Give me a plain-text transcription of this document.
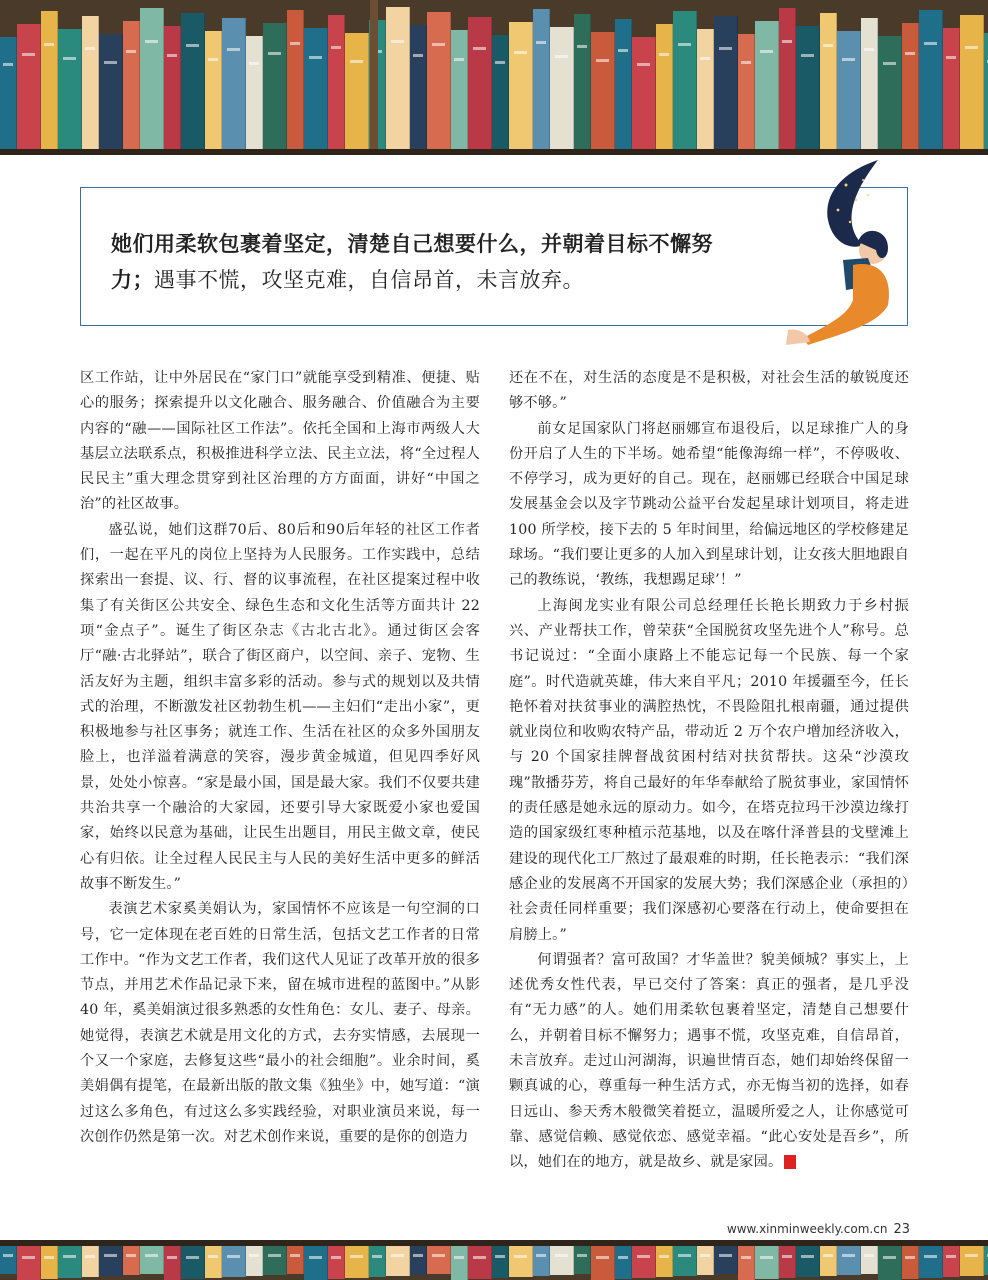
她们用柔软包裹着坚定，清楚自己想要什么，并朝着目标不懈努力；遇事不慌，攻坚克难，自信昂首，未言放弃。

区工作站，让中外居民在“家门口”就能享受到精准、便捷、贴心的服务；探索提升以文化融合、服务融合、价值融合为主要内容的“融——国际社区工作法”。依托全国和上海市两级人大基层立法联系点，积极推进科学立法、民主立法，将“全过程人民民主”重大理念贯穿到社区治理的方方面面，讲好“中国之治”的社区故事。

盛弘说，她们这群70后、80后和90后年轻的社区工作者们，一起在平凡的岗位上坚持为人民服务。工作实践中，总结探索出一套提、议、行、督的议事流程，在社区提案过程中收集了有关街区公共安全、绿色生态和文化生活等方面共计 22 项“金点子”。诞生了街区杂志《古北古北》。通过街区会客厅“融·古北驿站”，联合了街区商户，以空间、亲子、宠物、生活友好为主题，组织丰富多彩的活动。参与式的规划以及共情式的治理，不断激发社区勃勃生机——主妇们“走出小家”，更积极地参与社区事务；就连工作、生活在社区的众多外国朋友脸上，也洋溢着满意的笑容，漫步黄金城道，但见四季好风景，处处小惊喜。“家是最小国，国是最大家。我们不仅要共建共治共享一个融洽的大家园，还要引导大家既爱小家也爱国家，始终以民意为基础，让民生出题目，用民主做文章，使民心有归依。让全过程人民民主与人民的美好生活中更多的鲜活故事不断发生。”

表演艺术家奚美娟认为，家国情怀不应该是一句空洞的口号，它一定体现在老百姓的日常生活，包括文艺工作者的日常工作中。“作为文艺工作者，我们这代人见证了改革开放的很多节点，并用艺术作品记录下来，留在城市进程的蓝图中。”从影 40 年，奚美娟演过很多熟悉的女性角色：女儿、妻子、母亲。她觉得，表演艺术就是用文化的方式，去夯实情感，去展现一个又一个家庭，去修复这些“最小的社会细胞”。业余时间，奚美娟偶有提笔，在最新出版的散文集《独坐》中，她写道：“演过这么多角色，有过这么多实践经验，对职业演员来说，每一次创作仍然是第一次。对艺术创作来说，重要的是你的创造力

还在不在，对生活的态度是不是积极，对社会生活的敏锐度还够不够。”

前女足国家队门将赵丽娜宣布退役后，以足球推广人的身份开启了人生的下半场。她希望“能像海绵一样”，不停吸收、不停学习，成为更好的自己。现在，赵丽娜已经联合中国足球发展基金会以及字节跳动公益平台发起星球计划项目，将走进 100 所学校，接下去的 5 年时间里，给偏远地区的学校修建足球场。“我们要让更多的人加入到星球计划，让女孩大胆地跟自己的教练说，‘教练，我想踢足球’！”

上海闽龙实业有限公司总经理任长艳长期致力于乡村振兴、产业帮扶工作，曾荣获“全国脱贫攻坚先进个人”称号。总书记说过：“全面小康路上不能忘记每一个民族、每一个家庭”。时代造就英雄，伟大来自平凡；2010 年援疆至今，任长艳怀着对扶贫事业的满腔热忱，不畏险阻扎根南疆，通过提供就业岗位和收购农特产品，带动近 2 万个农户增加经济收入，与 20 个国家挂牌督战贫困村结对扶贫帮扶。这朵“沙漠玫瑰”散播芬芳，将自己最好的年华奉献给了脱贫事业，家国情怀的责任感是她永远的原动力。如今，在塔克拉玛干沙漠边缘打造的国家级红枣种植示范基地，以及在喀什泽普县的戈壁滩上建设的现代化工厂熬过了最艰难的时期，任长艳表示：“我们深感企业的发展离不开国家的发展大势；我们深感企业（承担的）社会责任同样重要；我们深感初心要落在行动上，使命要担在肩膀上。”

何谓强者？富可敌国？才华盖世？貌美倾城？事实上，上述优秀女性代表，早已交付了答案：真正的强者，是几乎没有“无力感”的人。她们用柔软包裹着坚定，清楚自己想要什么，并朝着目标不懈努力；遇事不慌，攻坚克难，自信昂首，未言放弃。走过山河湖海，识遍世情百态，她们却始终保留一颗真诚的心，尊重每一种生活方式，亦无悔当初的选择，如春日远山、参天秀木般微笑着挺立，温暖所爱之人，让你感觉可靠、感觉信赖、感觉依恋、感觉幸福。“此心安处是吾乡”，所以，她们在的地方，就是故乡、就是家园。	人

www.xinminweekly.com.cn 23
